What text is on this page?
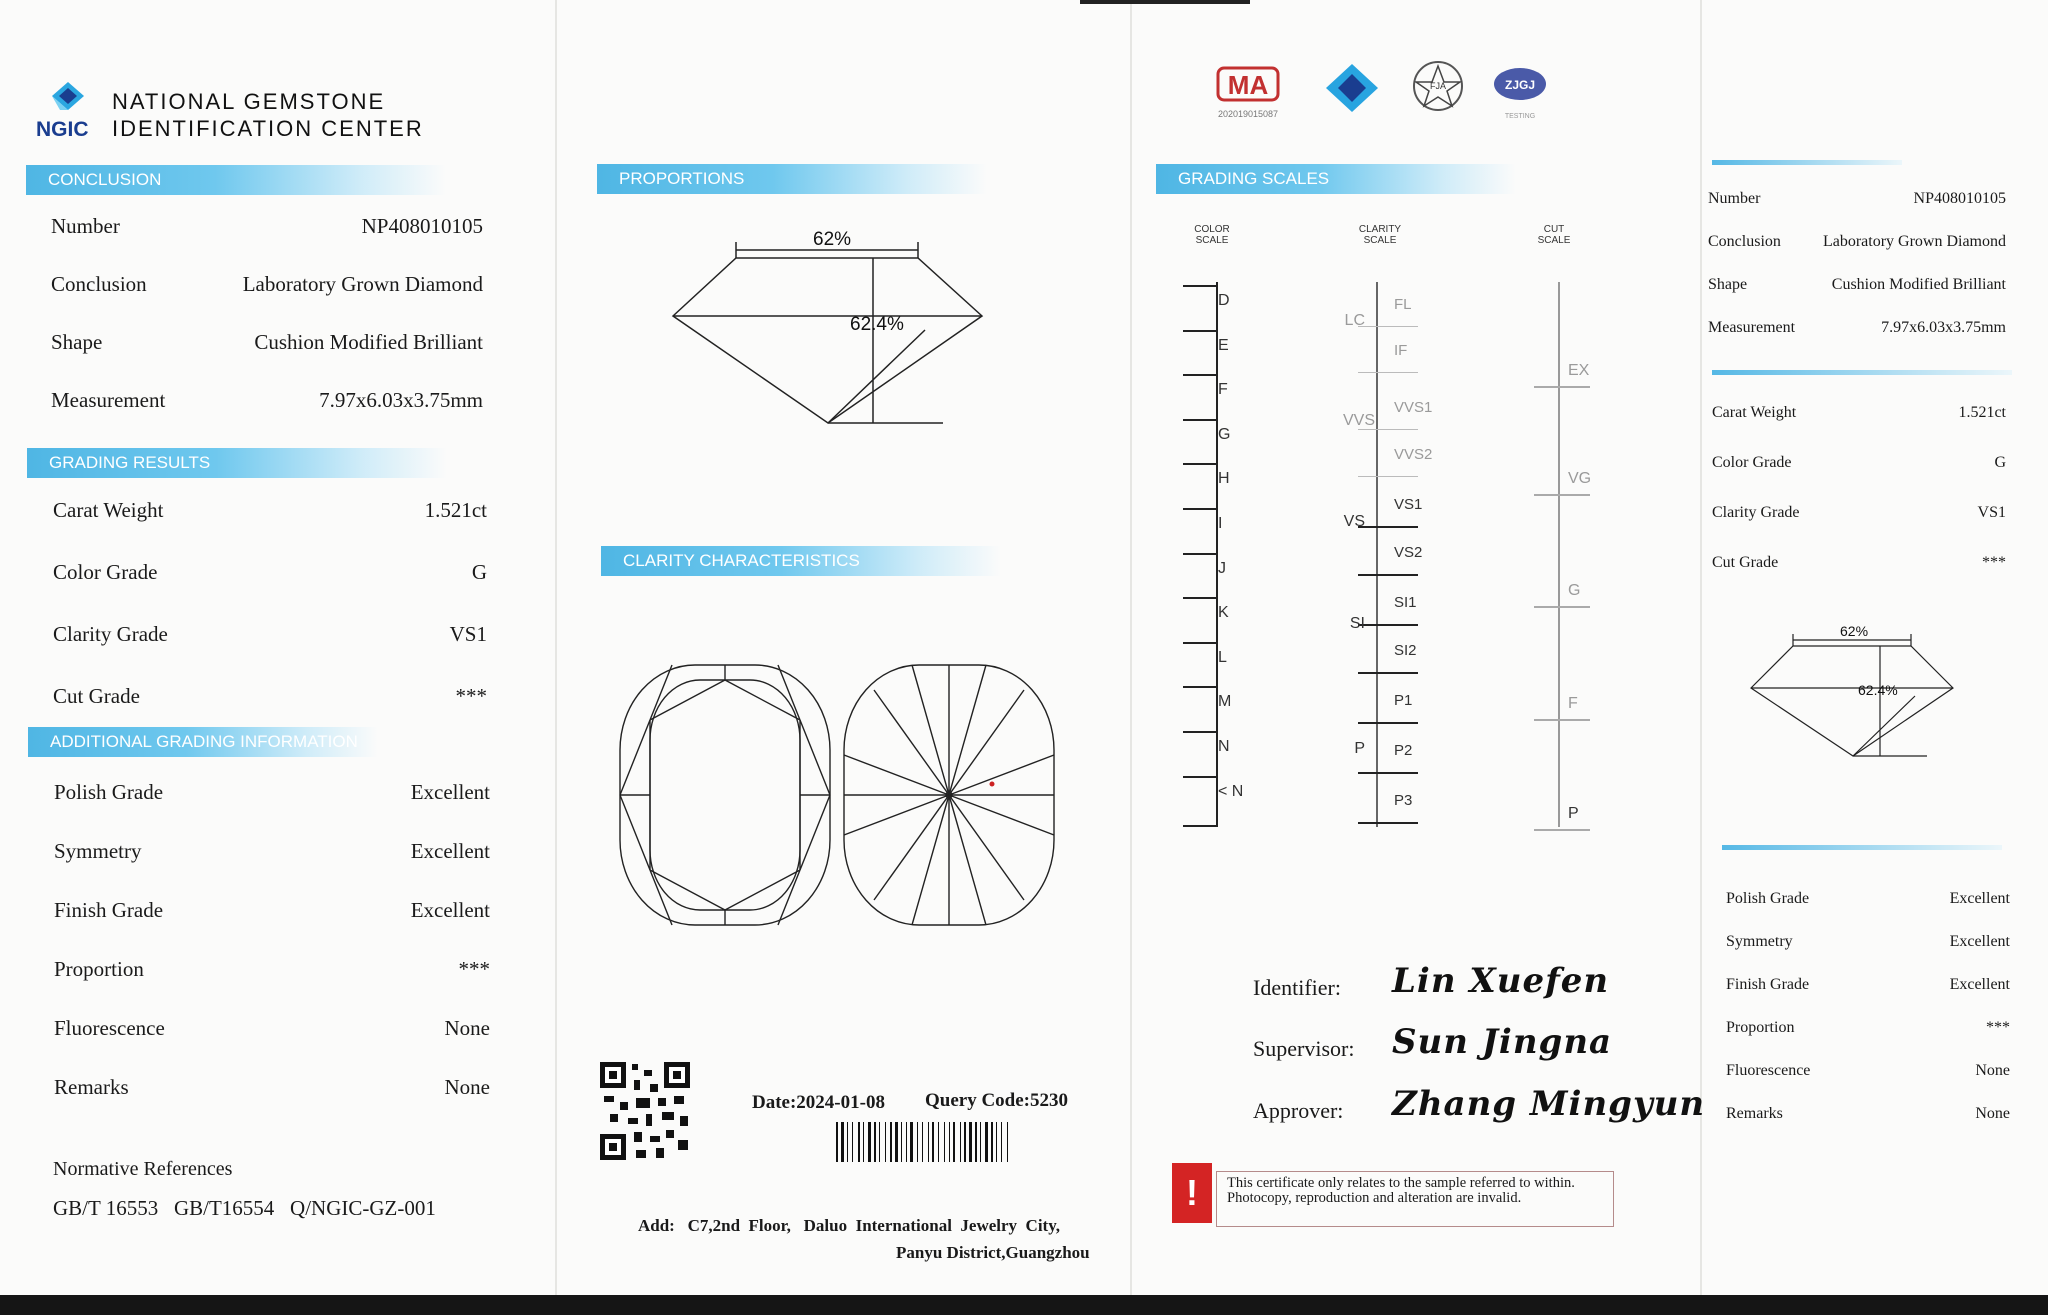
NATIONAL GEMSTONE
IDENTIFICATION CENTER
NGIC
CONCLUSION
Number	NP408010105
Conclusion	Laboratory Grown Diamond
Shape	Cushion Modified Brilliant
Measurement	7.97x6.03x3.75mm
GRADING RESULTS
Carat Weight	1.521ct
Color Grade	G
Clarity Grade	VS1
Cut Grade	***
ADDITIONAL GRADING INFORMATION
Polish Grade	Excellent
Symmetry	Excellent
Finish Grade	Excellent
Proportion	***
Fluorescence	None
Remarks	None
Normative References
GB/T 16553   GB/T16554   Q/NGIC-GZ-001
PROPORTIONS
62%
62.4%
CLARITY CHARACTERISTICS
Date:2024-01-08 Query Code:5230
Add:   C7,2nd  Floor,   Daluo  International  Jewelry  City,
Panyu District,Guangzhou
MA
202019015087
FJA	ZJGJ
TESTING
GRADING SCALES
COLOR
SCALE
CLARITY
SCALE
CUT
SCALE
D
E
F
G
H
I
J
K
L
M
N
< N
FL
IF
VVS1
VVS2
VS1
VS2
SI1
SI2
P1
P2
P3
LC
VVS
VS
SI
P
EX
VG
G
F
P
Identifier: Lin Xuefen
Supervisor: Sun Jingna
Approver: Zhang Mingyun
!	This certificate only relates to the sample referred to within. Photocopy, reproduction and alteration are invalid.
Number	NP408010105
Conclusion	Laboratory Grown Diamond
Shape	Cushion Modified Brilliant
Measurement	7.97x6.03x3.75mm
Carat Weight	1.521ct
Color Grade	G
Clarity Grade	VS1
Cut Grade	***
62%
62.4%
Polish Grade	Excellent
Symmetry	Excellent
Finish Grade	Excellent
Proportion	***
Fluorescence	None
Remarks	None
